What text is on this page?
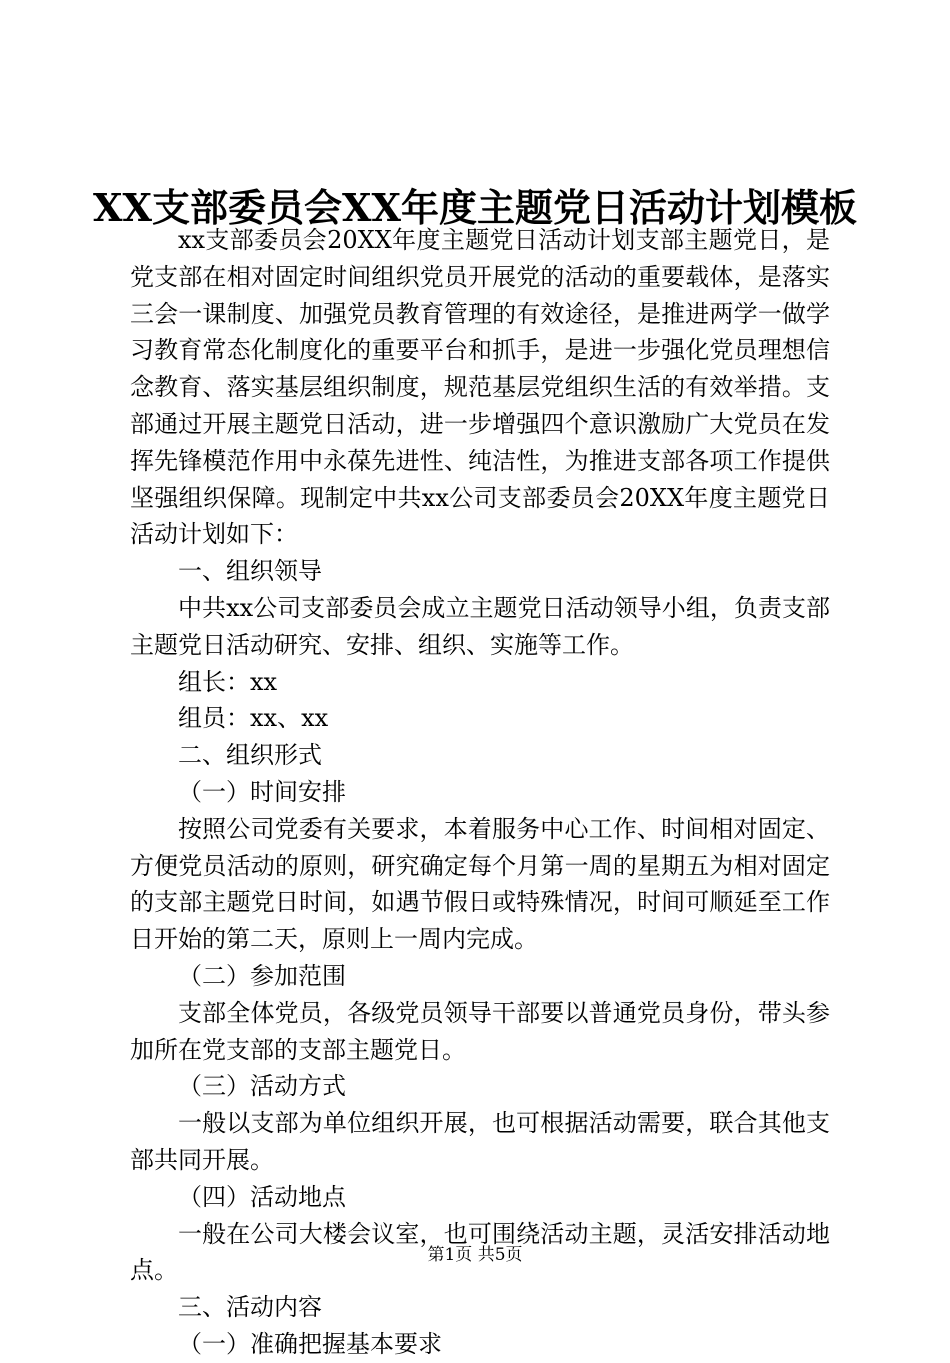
XX支部委员会XX年度主题党日活动计划模板

xx支部委员会20XX年度主题党日活动计划支部主题党日，是党支部在相对固定时间组织党员开展党的活动的重要载体，是落实三会一课制度、加强党员教育管理的有效途径，是推进两学一做学习教育常态化制度化的重要平台和抓手，是进一步强化党员理想信念教育、落实基层组织制度，规范基层党组织生活的有效举措。支部通过开展主题党日活动，进一步增强四个意识激励广大党员在发挥先锋模范作用中永葆先进性、纯洁性，为推进支部各项工作提供坚强组织保障。现制定中共xx公司支部委员会20XX年度主题党日活动计划如下：

一、组织领导

中共xx公司支部委员会成立主题党日活动领导小组，负责支部主题党日活动研究、安排、组织、实施等工作。

组长：xx

组员：xx、xx

二、组织形式

（一）时间安排

按照公司党委有关要求，本着服务中心工作、时间相对固定、方便党员活动的原则，研究确定每个月第一周的星期五为相对固定的支部主题党日时间，如遇节假日或特殊情况，时间可顺延至工作日开始的第二天，原则上一周内完成。

（二）参加范围

支部全体党员，各级党员领导干部要以普通党员身份，带头参加所在党支部的支部主题党日。

（三）活动方式

一般以支部为单位组织开展，也可根据活动需要，联合其他支部共同开展。

（四）活动地点

一般在公司大楼会议室，也可围绕活动主题，灵活安排活动地点。

三、活动内容

（一）准确把握基本要求

第1页 共5页
